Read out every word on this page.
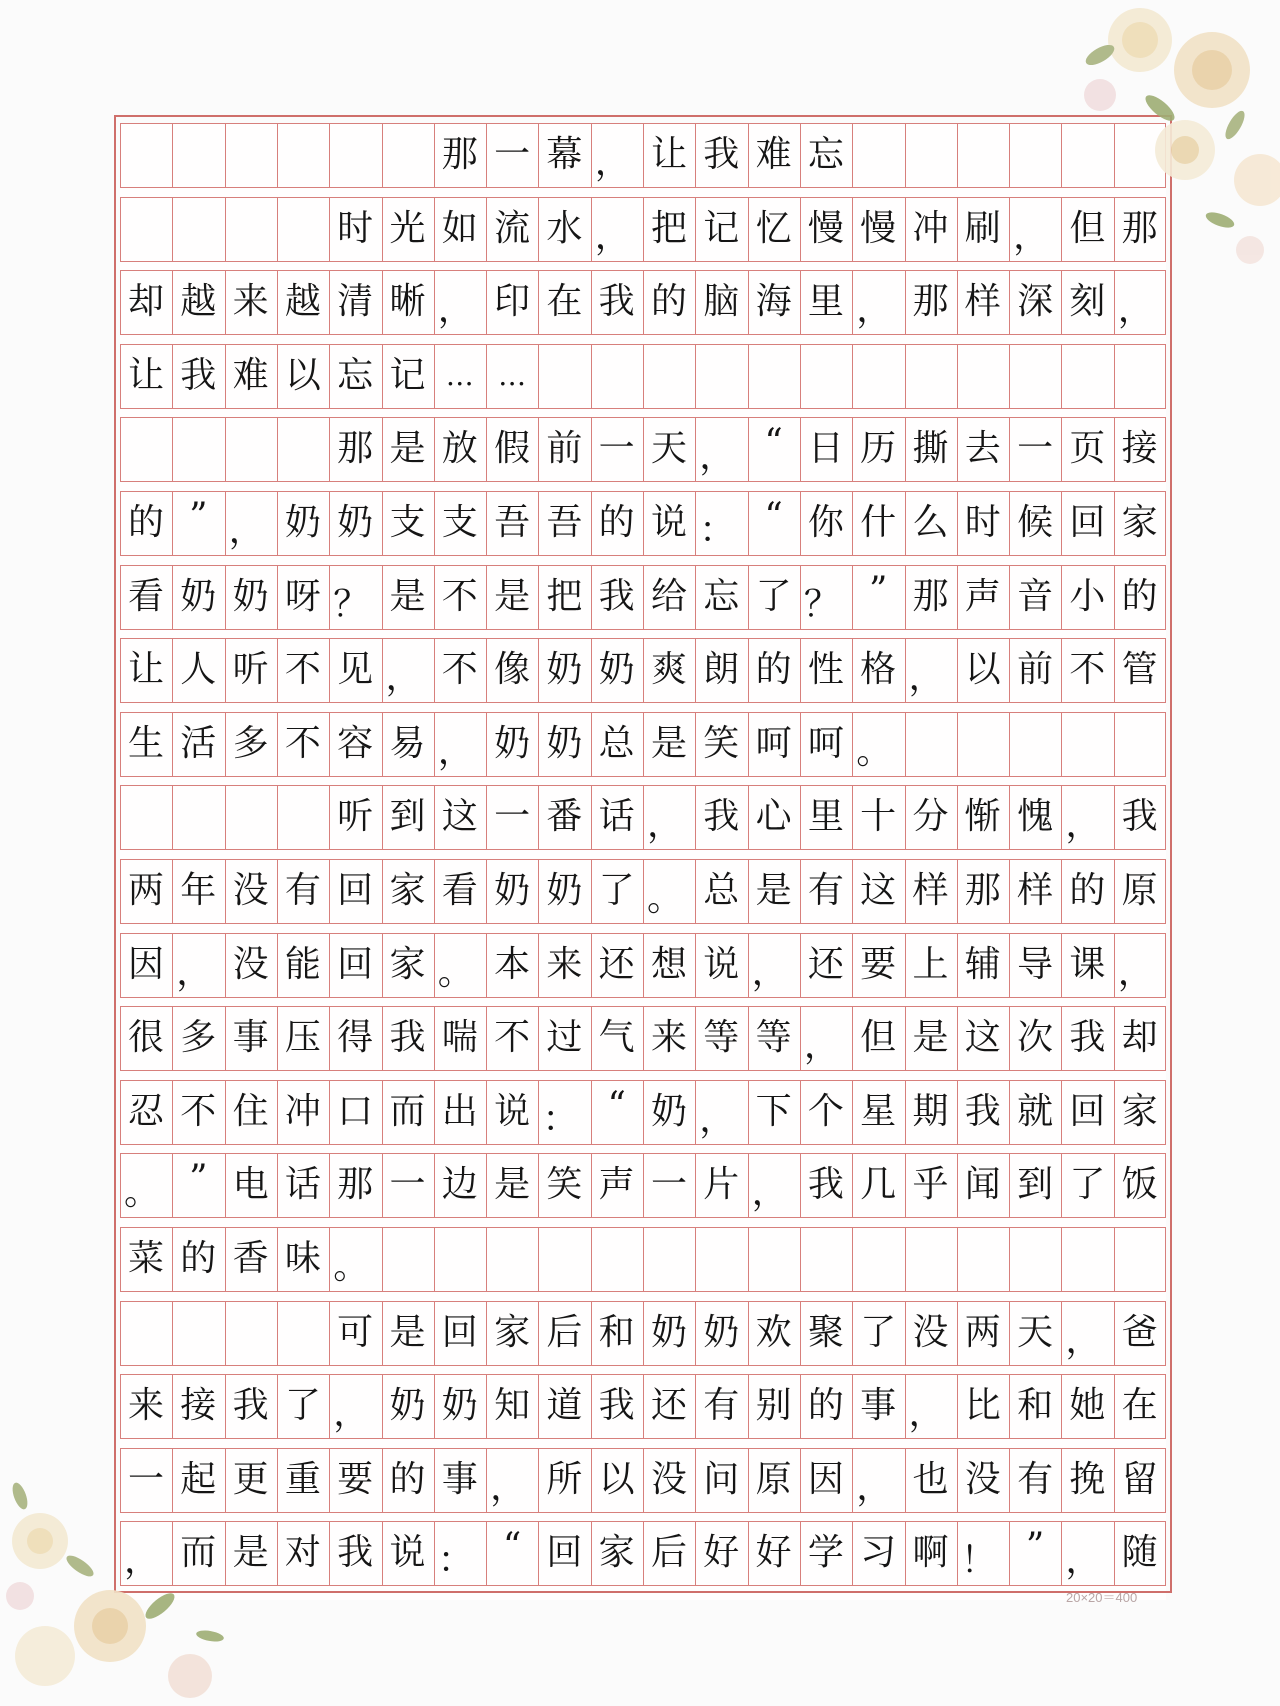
那 一 幕 ， 让 我 难 忘
时 光 如 流 水 ， 把 记 忆 慢 慢 冲 刷 ， 但 那
却 越 来 越 清 晰 ， 印 在 我 的 脑 海 里 ， 那 样 深 刻 ，
让 我 难 以 忘 记 … …
那 是 放 假 前 一 天 ， “ 日 历 撕 去 一 页 接
的 ” ， 奶 奶 支 支 吾 吾 的 说 ： “ 你 什 么 时 候 回 家
看 奶 奶 呀 ？ 是 不 是 把 我 给 忘 了 ？ ” 那 声 音 小 的
让 人 听 不 见 ， 不 像 奶 奶 爽 朗 的 性 格 ， 以 前 不 管
生 活 多 不 容 易 ， 奶 奶 总 是 笑 呵 呵 。
听 到 这 一 番 话 ， 我 心 里 十 分 惭 愧 ， 我
两 年 没 有 回 家 看 奶 奶 了 。 总 是 有 这 样 那 样 的 原
因 ， 没 能 回 家 。 本 来 还 想 说 ， 还 要 上 辅 导 课 ，
很 多 事 压 得 我 喘 不 过 气 来 等 等 ， 但 是 这 次 我 却
忍 不 住 冲 口 而 出 说 ： “ 奶 ， 下 个 星 期 我 就 回 家
。 ” 电 话 那 一 边 是 笑 声 一 片 ， 我 几 乎 闻 到 了 饭
菜 的 香 味 。
可 是 回 家 后 和 奶 奶 欢 聚 了 没 两 天 ， 爸
来 接 我 了 ， 奶 奶 知 道 我 还 有 别 的 事 ， 比 和 她 在
一 起 更 重 要 的 事 ， 所 以 没 问 原 因 ， 也 没 有 挽 留
， 而 是 对 我 说 ： “ 回 家 后 好 好 学 习 啊 ！ ” ， 随
20×20＝400
